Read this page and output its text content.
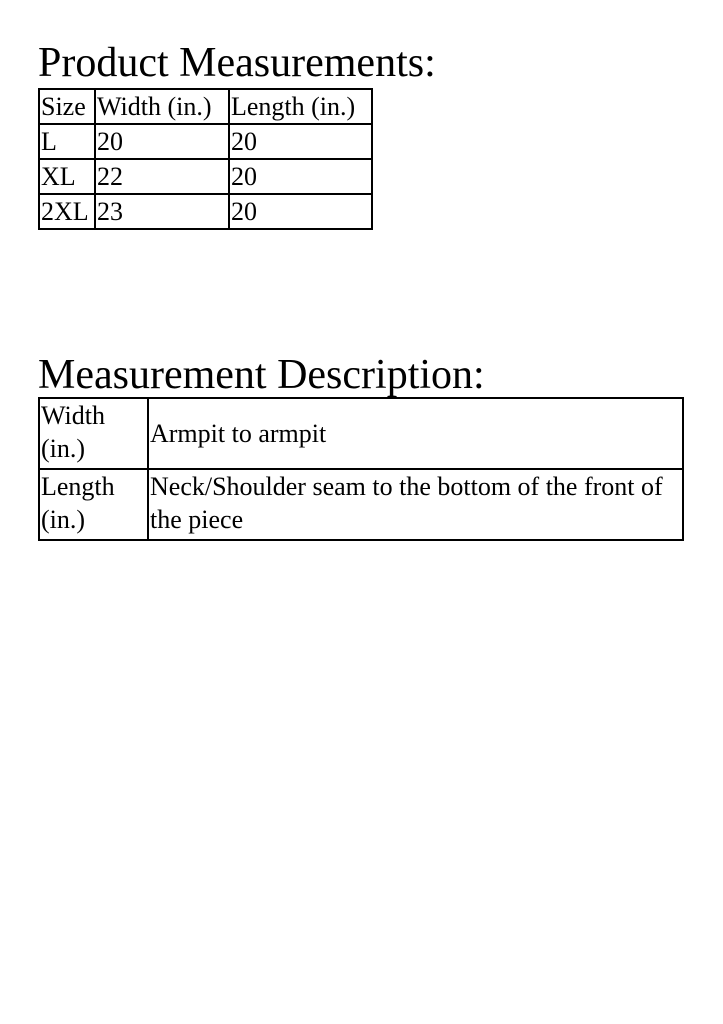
Product Measurements:
Size	Width (in.)	Length (in.)
L	20	20
XL	22	20
2XL	23	20
Measurement Description:
Width (in.)	Armpit to armpit
Length (in.)	Neck/Shoulder seam to the bottom of the front of the piece
